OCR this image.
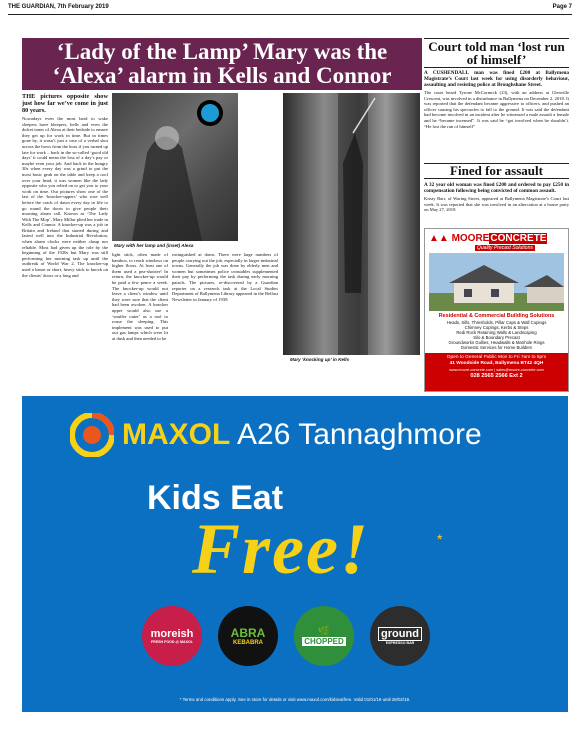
THE GUARDIAN, 7th February 2019	Page 7
‘Lady of the Lamp’ Mary was the ‘Alexa’ alarm in Kells and Connor
THE pictures opposite show just how far we’ve come in just 80 years.

Nowadays even the most hard to wake sleepers have bleepers, bells and even the dulcet tones of Alexa at their bedside to ensure they get up for work in time. But in times gone by, it wasn’t just a case of a verbal shot across the bows from the boss if you turned up late for work – back in the so-called ‘good old days’ it could mean the loss of a day’s pay or maybe even your job. And back in the hungry 30s when every day was a grind to put the most basic grub on the table and keep a roof over your head, it was women like the lady opposite who you relied on to get you to your work on time. Our pictures show one of the last of the ‘knocker-uppers’ who rose well before the crack of dawn every day in life to go round the doors to give people their morning alarm call. Known as ‘The Lady With The Mop’, Mary Millar plied her trade in Kells and Connor. A knocker-up was a job in Britain and Ireland that started during and lasted well into the Industrial Revolution, when alarm clocks were neither cheap nor reliable. Most had given up the role by the beginning of the 1920s but Mary was still performing her morning task up until the outbreak of World War 2. The knocker-up used a baton or short, heavy stick to knock on the clients’ doors or a long and

Mary with her lamp and (inset) Alexa

light stick, often made of bamboo, to reach windows on higher floors. At least one of them used a pea-shooter! In return, the knocker-up would be paid a few pence a week. The knocker-up would not leave a client’s window until they were sure that the client had been awoken. A knocker upper would also use a ‘snuffer outer’ as a tool to rouse the sleeping. This implement was used to put out gas lamps which were lit at dusk and then needed to be

extinguished at dawn. There were large numbers of people carrying out the job, especially in larger industrial towns. Generally the job was done by elderly men and women but sometimes police constables supplemented their pay by performing the task during early morning patrols. The pictures, re-discovered by a Guardian reporter on a research task at the Local Studies Department of Ballymena Library appeared in the Belfast Newsletter in January of 1939.

Mary ‘knocking up’ in Kells
Court told man ‘lost run of himself’
A CUSHENDALL man was fined £200 at Ballymena Magistrate’s Court last week for using disorderly behaviour, assaulting and resisting police at Broughshane Street.

The court heard Tyrone McCormick (23), with an address at Glenville Crescent, was involved in a disturbance in Ballymena on December 2, 2018. It was reported that the defendant became aggressive to officers, and pushed an officer causing his spectacles to fall to the ground. It was said the defendant had become involved in an incident after he witnessed a male assault a female and he “became incensed”. It was said he “got involved when he shouldn’t. “He lost the run of himself”

Fined for assault
A 32 year old woman was fined £200 and ordered to pay £250 in compensation following being convicted of common assault.

Kirsty Barr, of Waring Street, appeared at Ballymena Magistrate’s Court last week. It was reported that she was involved in an altercation at a house party on May 27, 2018.

▲▲ MOORECONCRETE
Quality Precast Solutions
Residential & Commercial Building Solutions
Heads, Sills, Thresholds, Pillar Caps & Wall Copings
Chimney Copings, Kerbs & Steps
Redi Rock Retaining Walls & Landscaping
Silo & Boundary Precast
Groundworks Gullies, Headwalls & Manhole Rings
Domestic Services for Home Builders
Open to General Public Mon to Fri 7am to 5pm
41 Woodside Road, Ballymena BT42 4QH
www.moore-concrete.com | sales@moore-concrete.com
028 2565 2566 Ext 2
MAXOL A26 Tannaghmore
Kids Eat
Free!	*
moreish
FRESH FOOD @ MAXOL
ABRA
KEBABRA
🌿
CHOPPED
ground
ESPRESSO BAR
* Terms and conditions apply. See in store for details or visit www.maxol.com/kidseatfree. Valid 01/01/19 until 28/02/19.
